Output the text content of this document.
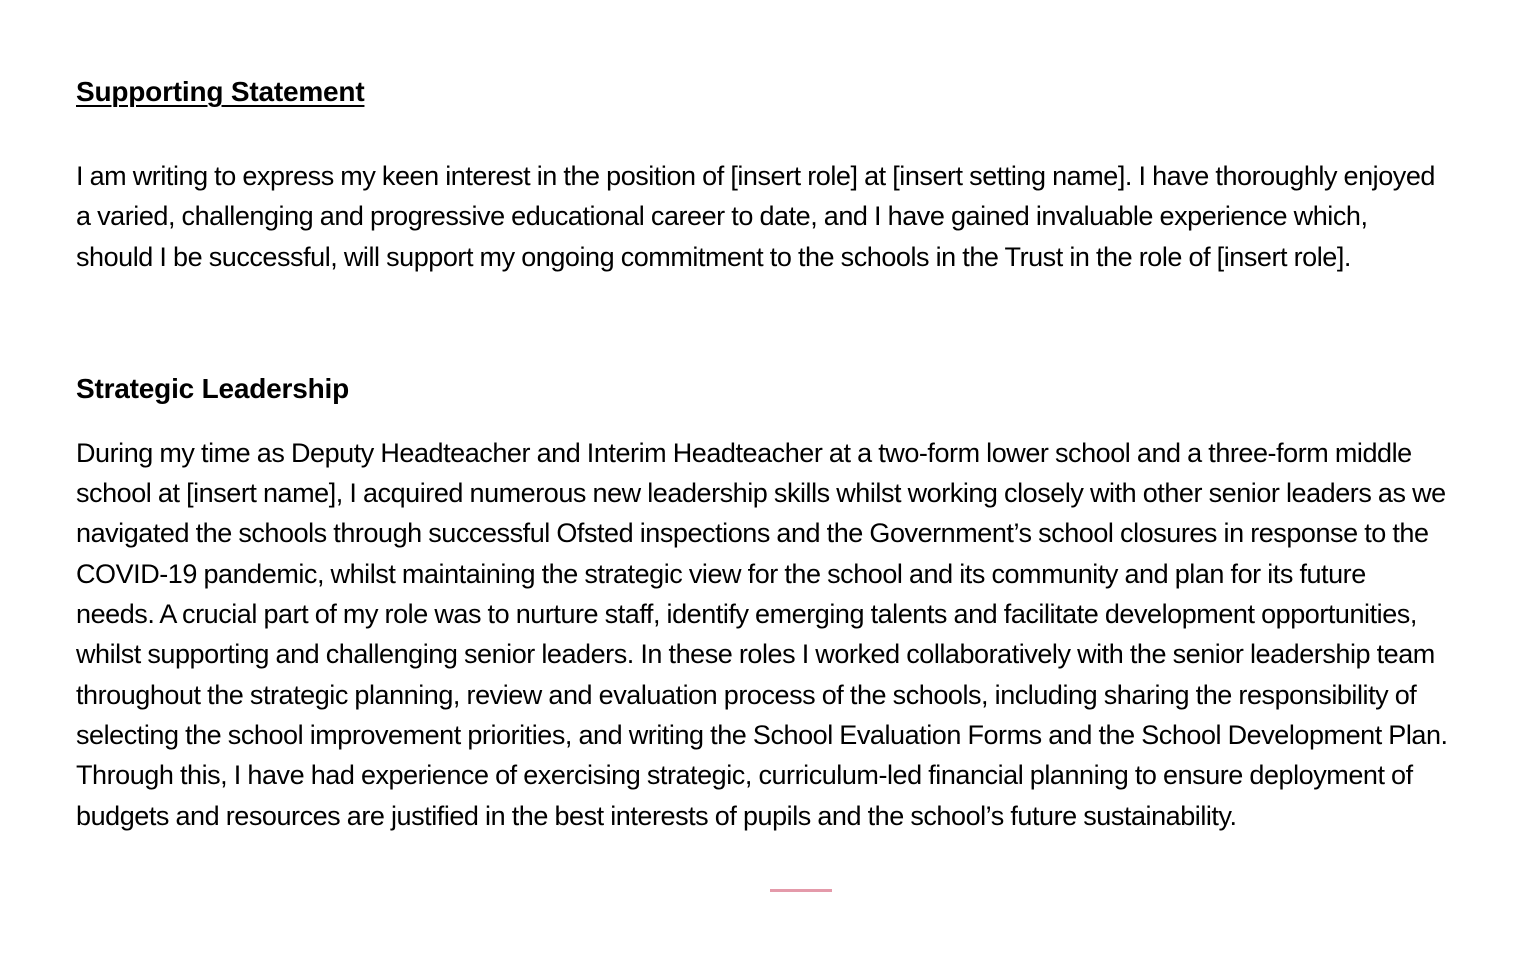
Supporting Statement

I am writing to express my keen interest in the position of [insert role] at [insert setting name]. I have thoroughly enjoyed a varied, challenging and progressive educational career to date, and I have gained invaluable experience which, should I be successful, will support my ongoing commitment to the schools in the Trust in the role of [insert role].

Strategic Leadership

During my time as Deputy Headteacher and Interim Headteacher at a two-form lower school and a three-form middle school at [insert name], I acquired numerous new leadership skills whilst working closely with other senior leaders as we navigated the schools through successful Ofsted inspections and the Government’s school closures in response to the COVID-19 pandemic, whilst maintaining the strategic view for the school and its community and plan for its future needs. A crucial part of my role was to nurture staff, identify emerging talents and facilitate development opportunities, whilst supporting and challenging senior leaders. In these roles I worked collaboratively with the senior leadership team throughout the strategic planning, review and evaluation process of the schools, including sharing the responsibility of selecting the school improvement priorities, and writing the School Evaluation Forms and the School Development Plan. Through this, I have had experience of exercising strategic, curriculum-led financial planning to ensure deployment of budgets and resources are justified in the best interests of pupils and the school’s future sustainability.
